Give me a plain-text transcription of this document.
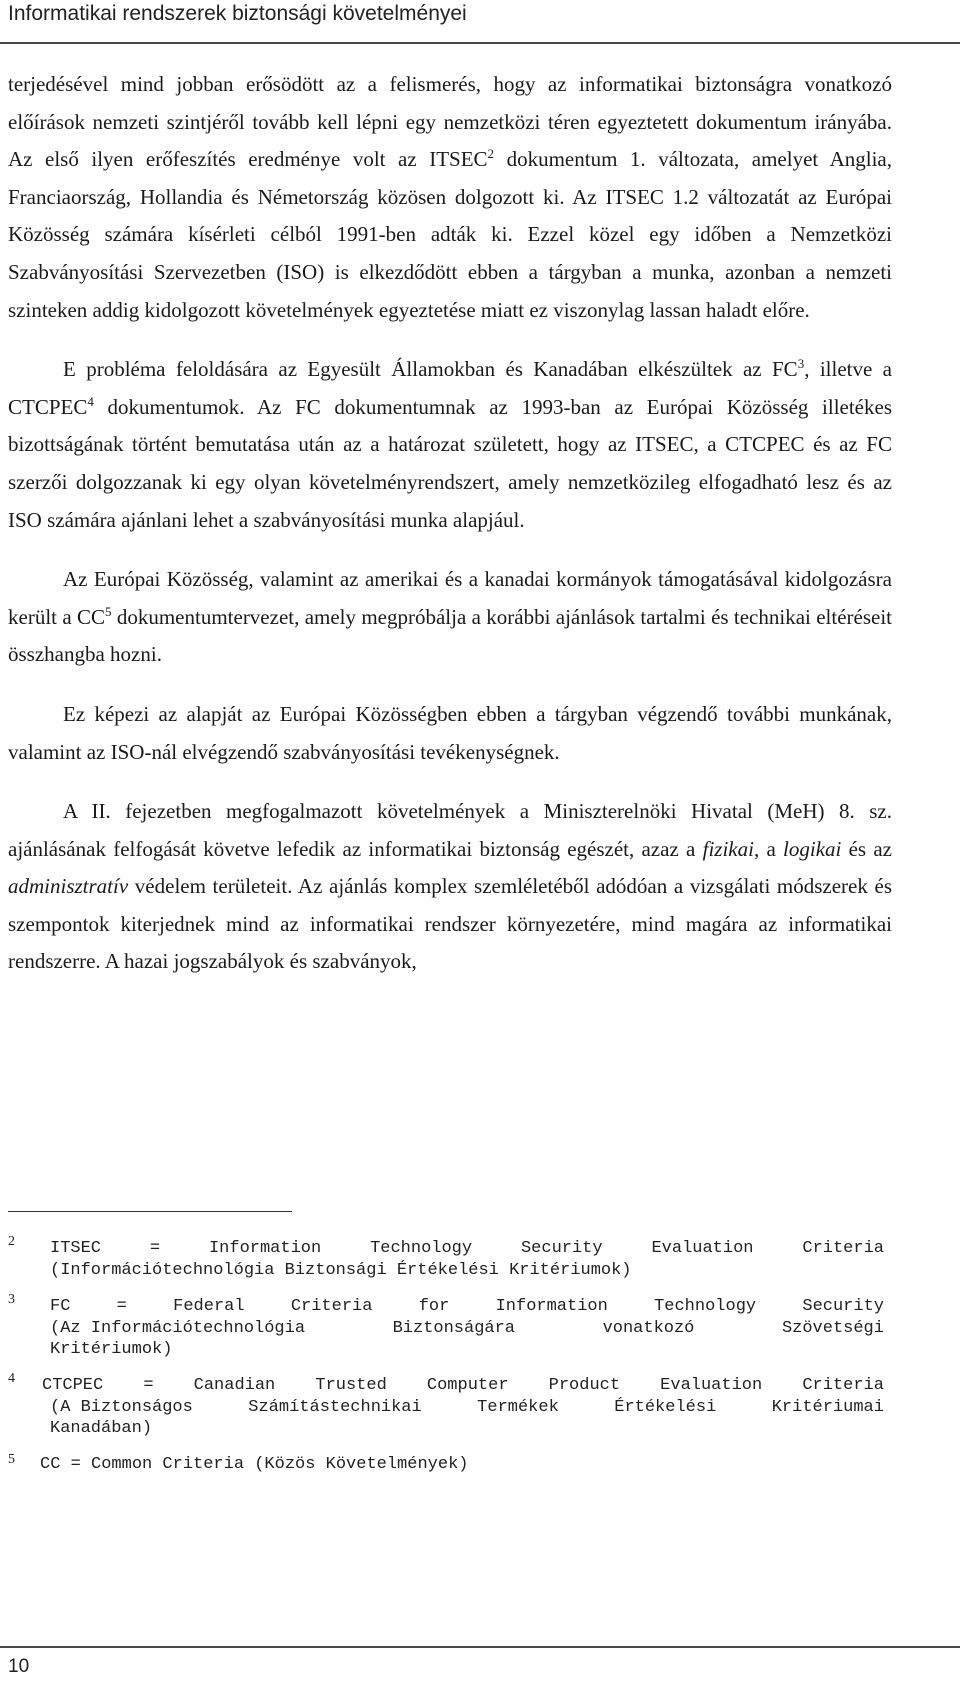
Informatikai rendszerek biztonsági követelményei

terjedésével mind jobban erősödött az a felismerés, hogy az informatikai biztonságra vonatkozó előírások nemzeti szintjéről tovább kell lépni egy nemzetközi téren egyeztetett dokumentum irányába. Az első ilyen erőfeszítés eredménye volt az ITSEC$^2$ dokumentum 1. változata, amelyet Anglia, Franciaország, Hollandia és Németország közösen dolgozott ki. Az ITSEC 1.2 változatát az Európai Közösség számára kísérleti célból 1991-ben adták ki. Ezzel közel egy időben a Nemzetközi Szabványosítási Szervezetben (ISO) is elkezdődött ebben a tárgyban a munka, azonban a nemzeti szinteken addig kidolgozott követelmények egyeztetése miatt ez viszonylag lassan haladt előre.

E probléma feloldására az Egyesült Államokban és Kanadában elkészültek az $FC^3$, illetve a CTCPEC$^4$ dokumentumok. Az FC dokumentumnak az 1993-ban az Európai Közösség illetékes bizottságának történt bemutatása után az a határozat született, hogy az ITSEC, a CTCPEC és az FC szerzői dolgozzanak ki egy olyan követelményrendszert, amely nemzetközileg elfogadható lesz és az ISO számára ajánlani lehet a szabványosítási munka alapjául.

Az Európai Közösség, valamint az amerikai és a kanadai kormányok támogatásával kidolgozásra került a $CC^5$ dokumentumtervezet, amely megpróbálja a korábbi ajánlások tartalmi és technikai eltéréseit összhangba hozni.

Ez képezi az alapját az Európai Közösségben ebben a tárgyban végzendő további munkának, valamint az ISO-nál elvégzendő szabványosítási tevékenységnek.

A II. fejezetben megfogalmazott követelmények a Miniszterelnöki Hivatal (MeH) 8. sz. ajánlásának felfogását követve lefedik az informatikai biztonság egészét, azaz a fizikai, a logikai és az adminisztratív védelem területeit. Az ajánlás komplex szemléletéből adódóan a vizsgálati módszerek és szempontok kiterjednek mind az informatikai rendszer környezetére, mind magára az informatikai rendszerre. A hazai jogszabályok és szabványok,

2 ITSEC	=	Information	Technology	Security	Evaluation	Criteria
(Információtechnológia Biztonsági Értékelési Kritériumok)
3 FC	=	Federal	Criteria	for	Information	Technology	Security
(Az Információtechnológia	Biztonságára	vonatkozó	Szövetségi
Kritériumok)
4 CTCPEC = Canadian Trusted Computer Product Evaluation Criteria
(A Biztonságos	Számítástechnikai	Termékek	Értékelési	Kritériumai
Kanadában)
5 CC = Common Criteria (Közös Követelmények)
10
